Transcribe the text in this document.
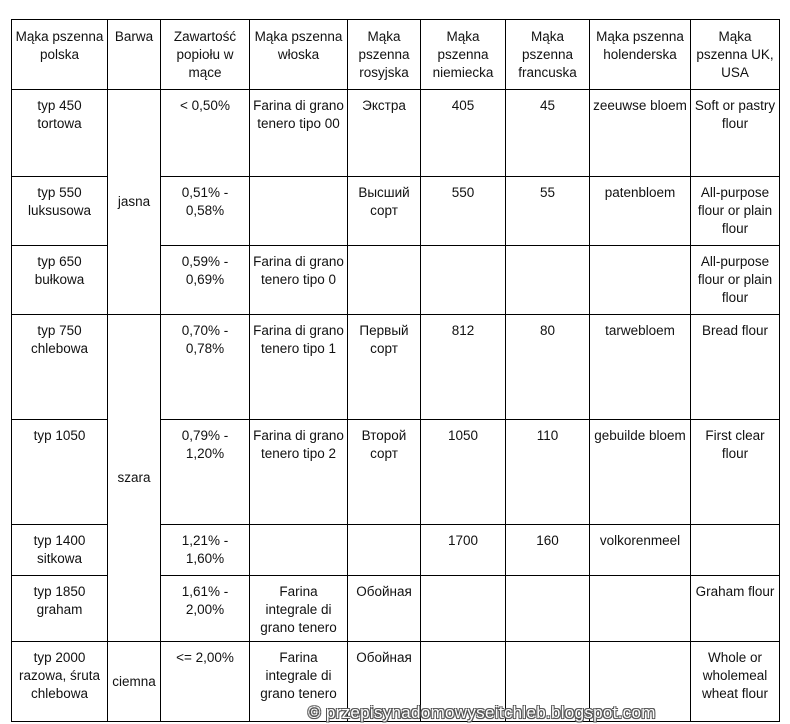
Mąka pszenna polska	Barwa	Zawartość popiołu w mące	Mąka pszenna włoska	Mąka pszenna rosyjska	Mąka pszenna niemiecka	Mąka pszenna francuska	Mąka pszenna holenderska	Mąka pszenna UK, USA
typ 450 tortowa	jasna	< 0,50%	Farina di grano tenero tipo 00	Экстра	405	45	zeeuwse bloem	Soft or pastry flour
typ 550 luksusowa		0,51% - 0,58%		Высший сорт	550	55	patenbloem	All-purpose flour or plain flour
typ 650 bułkowa		0,59% - 0,69%	Farina di grano tenero tipo 0					All-purpose flour or plain flour
typ 750 chlebowa	szara	0,70% - 0,78%	Farina di grano tenero tipo 1	Первый сорт	812	80	tarwebloem	Bread flour
typ 1050		0,79% - 1,20%	Farina di grano tenero tipo 2	Второй сорт	1050	110	gebuilde bloem	First clear flour
typ 1400 sitkowa		1,21% - 1,60%			1700	160	volkorenmeel	
typ 1850 graham		1,61% - 2,00%	Farina integrale di grano tenero	Обойная				Graham flour
typ 2000 razowa, śruta chlebowa	ciemna	<= 2,00%	Farina integrale di grano tenero	Обойная				Whole or wholemeal wheat flour
© przepisynadomowyseitchleb.blogspot.com
